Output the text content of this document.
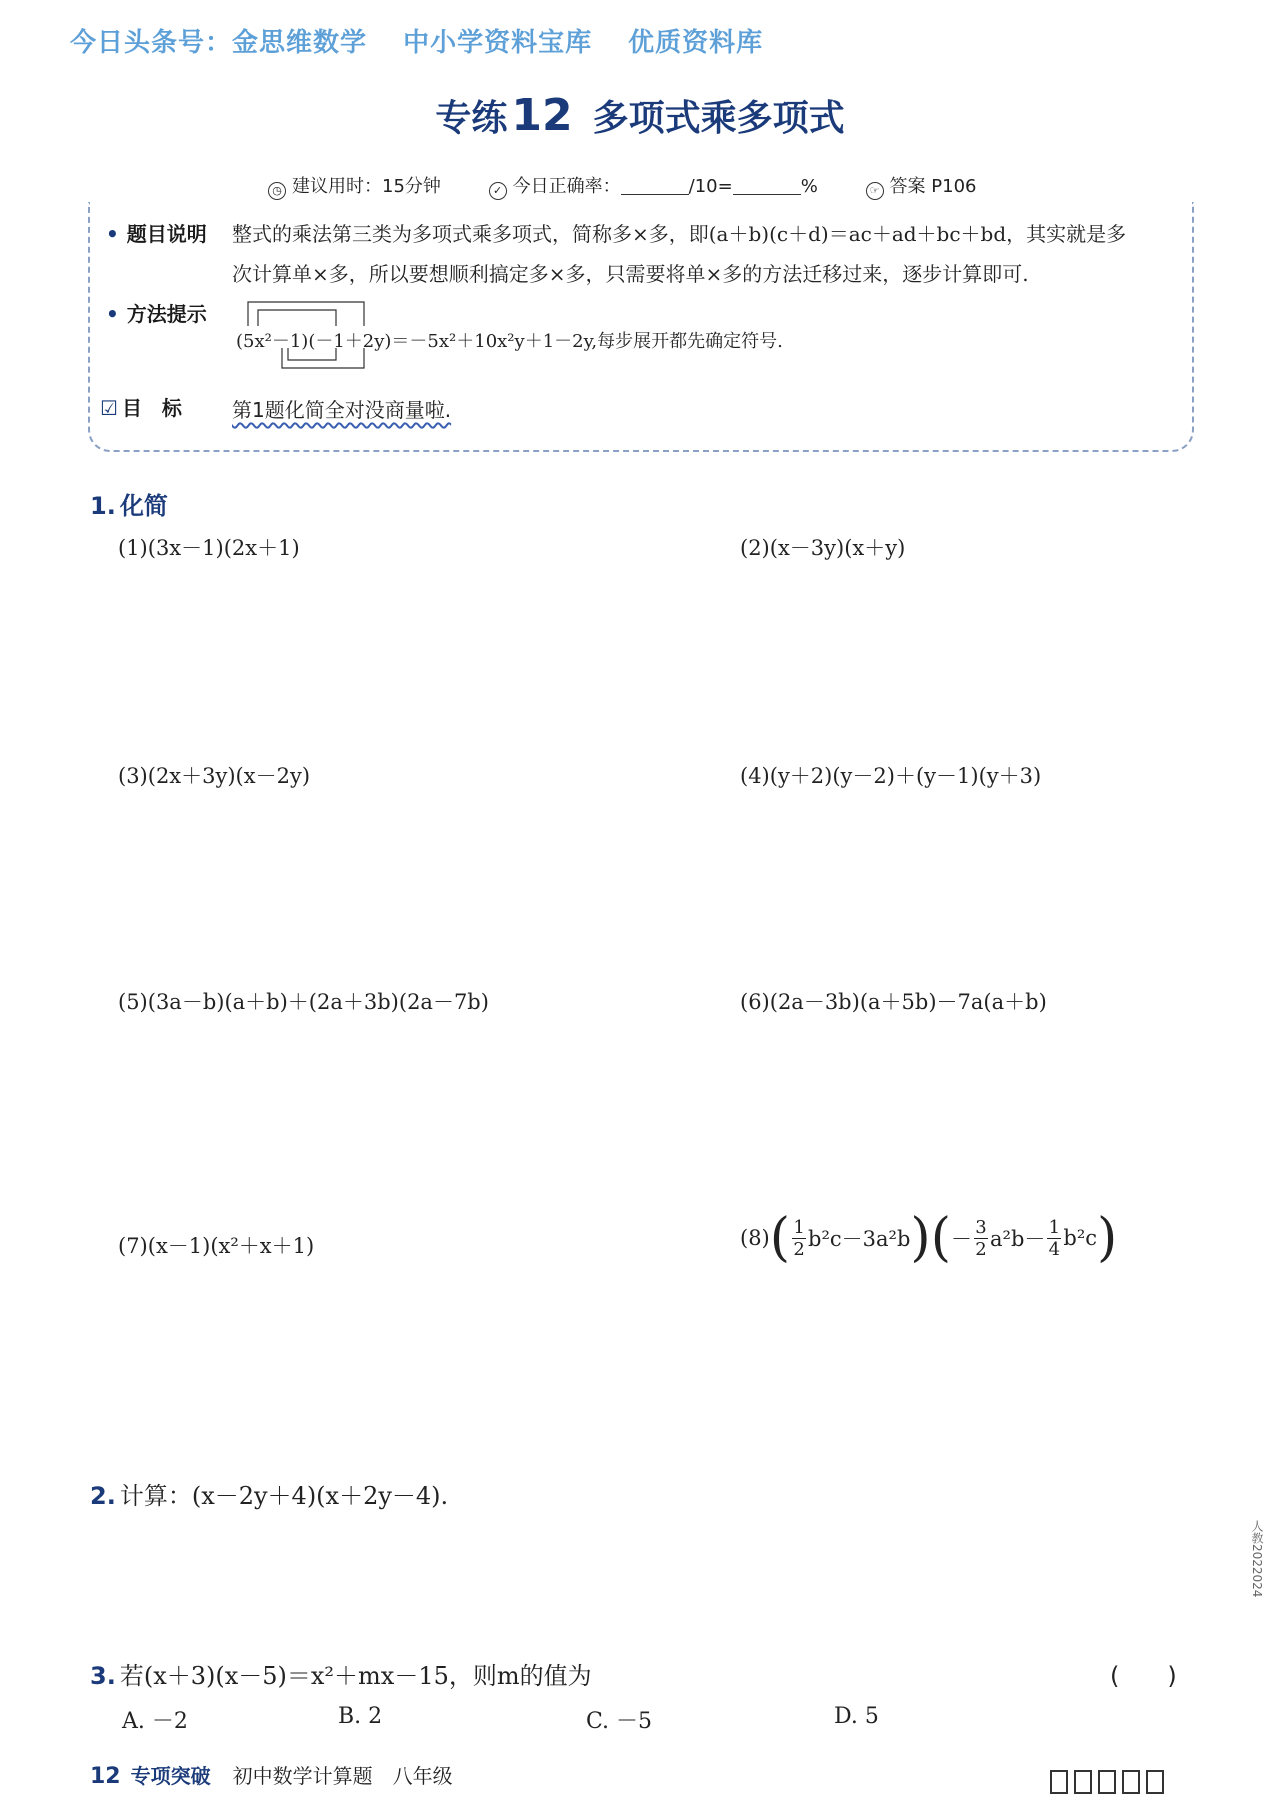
今日头条号：金思维数学 中小学资料宝库 优质资料库
专练12 多项式乘多项式
◷ 建议用时：15分钟	✓ 今日正确率：	/10=	%	☞ 答案 P106
• 题目说明 整式的乘法第三类为多项式乘多项式，简称多×多，即(a＋b)(c＋d)＝ac＋ad＋bc＋bd，其实就是多
次计算单×多，所以要想顺利搞定多×多，只需要将单×多的方法迁移过来，逐步计算即可.
• 方法提示
(5x²－1)(－1＋2y)＝－5x²＋10x²y＋1－2y,每步展开都先确定符号.
☑ 目　标	第1题化简全对没商量啦.
1. 化简
(1)(3x－1)(2x＋1)	(2)(x－3y)(x＋y)
(3)(2x＋3y)(x－2y)	(4)(y＋2)(y－2)＋(y－1)(y＋3)
(5)(3a－b)(a＋b)＋(2a＋3b)(2a－7b)	(6)(2a－3b)(a＋5b)－7a(a＋b)
(7)(x－1)(x²＋x＋1)	(8) ( 1
2 b²c－3a²b ) ( － 3
2 a²b－ 1
4 b²c )
2. 计算：(x－2y＋4)(x＋2y－4).
3. 若(x＋3)(x－5)＝x²＋mx－15，则m的值为	(　　)
A. －2	B. 2	C. －5	D. 5
人教2022024
12 专项突破 初中数学计算题　八年级
